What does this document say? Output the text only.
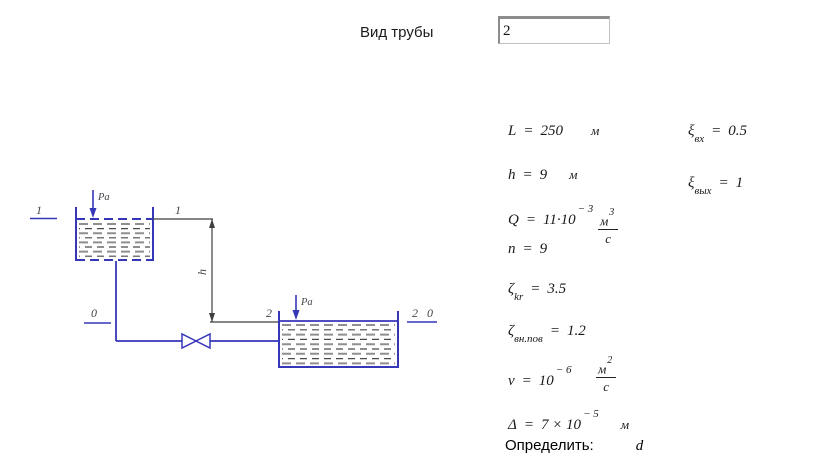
Вид трубы
2
1
Pa
1
h
2
0
Pa
2 0
L = 250 м	$\xi_{вх} = 0.5$
h = 9 м
$\xi_{вых} = 1$
$Q = 11\cdot 10^{- 3}$
$м^3$
с
n = 9
$\zeta_{kr} = 3.5$
$\zeta_{вн.пов} = 1.2$
$\nu = 10^{- 6}$ $м^2$
с
$\Delta = 7 \times 10^{- 5}м$
Определить:	d
